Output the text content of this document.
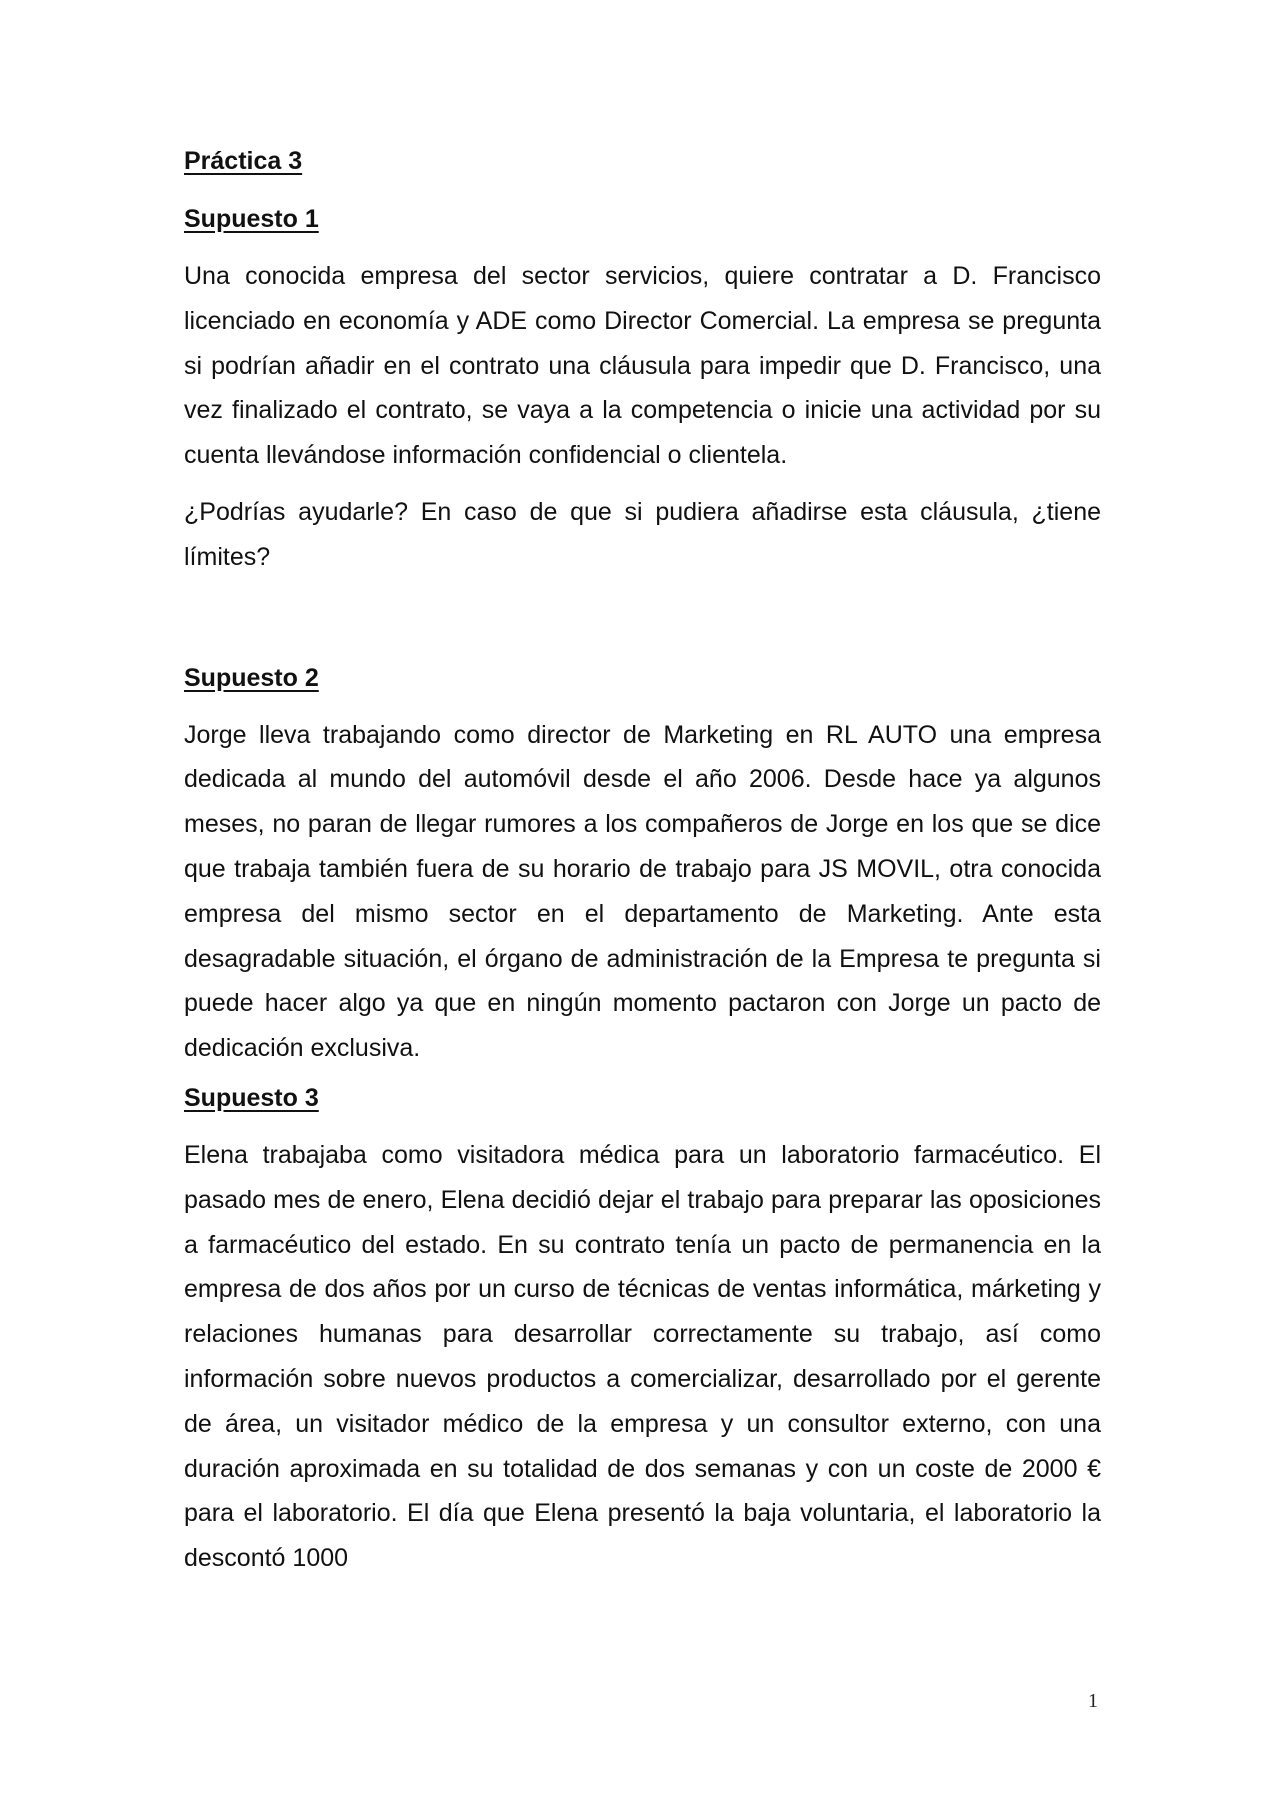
Práctica 3
Supuesto 1

Una conocida empresa del sector servicios, quiere contratar a D. Francisco licenciado en economía y ADE como Director Comercial. La empresa se pregunta si podrían añadir en el contrato una cláusula para impedir que D. Francisco, una vez finalizado el contrato, se vaya a la competencia o inicie una actividad por su cuenta llevándose información confidencial o clientela.

¿Podrías ayudarle? En caso de que si pudiera añadirse esta cláusula, ¿tiene límites?

Supuesto 2

Jorge lleva trabajando como director de Marketing en RL AUTO una empresa dedicada al mundo del automóvil desde el año 2006. Desde hace ya algunos meses, no paran de llegar rumores a los compañeros de Jorge en los que se dice que trabaja también fuera de su horario de trabajo para JS MOVIL, otra conocida empresa del mismo sector en el departamento de Marketing. Ante esta desagradable situación, el órgano de administración de la Empresa te pregunta si puede hacer algo ya que en ningún momento pactaron con Jorge un pacto de dedicación exclusiva.

Supuesto 3

Elena trabajaba como visitadora médica para un laboratorio farmacéutico. El pasado mes de enero, Elena decidió dejar el trabajo para preparar las oposiciones a farmacéutico del estado. En su contrato tenía un pacto de permanencia en la empresa de dos años por un curso de técnicas de ventas informática, márketing y relaciones humanas para desarrollar correctamente su trabajo, así como información sobre nuevos productos a comercializar, desarrollado por el gerente de área, un visitador médico de la empresa y un consultor externo, con una duración aproximada en su totalidad de dos semanas y con un coste de 2000 € para el laboratorio. El día que Elena presentó la baja voluntaria, el laboratorio la descontó 1000

1
